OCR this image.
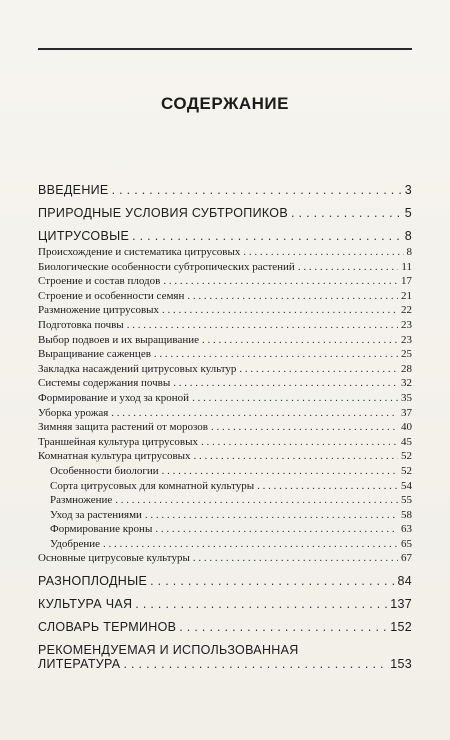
СОДЕРЖАНИЕ
ВВЕДЕНИЕ . . .	3
ПРИРОДНЫЕ УСЛОВИЯ СУБТРОПИКОВ . . .	5
ЦИТРУСОВЫЕ . . .	8
Происхождение и систематика цитрусовых . . .	8
Биологические особенности субтропических растений . . .	11
Строение и состав плодов . . .	17
Строение и особенности семян . . .	21
Размножение цитрусовых . . .	22
Подготовка почвы . . .	23
Выбор подвоев и их выращивание . . .	23
Выращивание саженцев . . .	25
Закладка насаждений цитрусовых культур . . .	28
Системы содержания почвы . . .	32
Формирование и уход за кроной . . .	35
Уборка урожая . . .	37
Зимняя защита растений от морозов . . .	40
Траншейная культура цитрусовых . . .	45
Комнатная культура цитрусовых . . .	52
Особенности биологии . . .	52
Сорта цитрусовых для комнатной культуры . . .	54
Размножение . . .	55
Уход за растениями . . .	58
Формирование кроны . . .	63
Удобрение . . .	65
Основные цитрусовые культуры . . .	67
РАЗНОПЛОДНЫЕ . . .	84
КУЛЬТУРА ЧАЯ . . .	137
СЛОВАРЬ ТЕРМИНОВ . . .	152
РЕКОМЕНДУЕМАЯ И ИСПОЛЬЗОВАННАЯ
ЛИТЕРАТУРА . . .	153
